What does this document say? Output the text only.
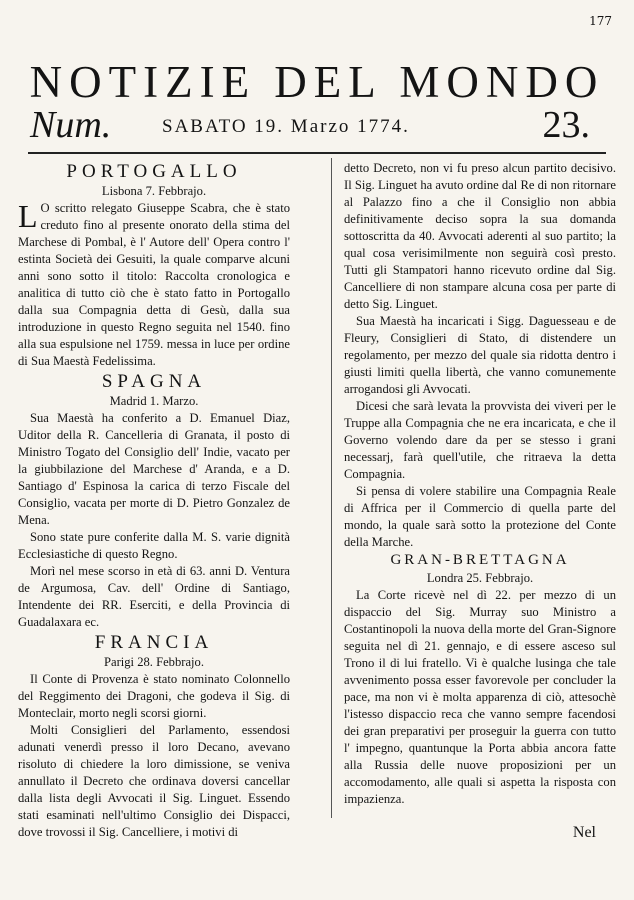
177
NOTIZIE DEL MONDO
Num.	SABATO 19. Marzo 1774.	23.
PORTOGALLO
Lisbona 7. Febbrajo.

L O scritto relegato Giuseppe Scabra, che è stato creduto fino al presente onorato della stima del Marchese di Pombal, è l' Autore dell' Opera contro l' estinta Società dei Gesuiti, la quale comparve alcuni anni sono sotto il titolo: Raccolta cronologica e analitica di tutto ciò che è stato fatto in Portogallo dalla sua Compagnia detta di Gesù, dalla sua introduzione in questo Regno seguita nel 1540. fino alla sua espulsione nel 1759. messa in luce per ordine di Sua Maestà Fedelissima.

SPAGNA
Madrid 1. Marzo.

Sua Maestà ha conferito a D. Emanuel Diaz, Uditor della R. Cancelleria di Granata, il posto di Ministro Togato del Consiglio dell' Indie, vacato per la giubbilazione del Marchese d' Aranda, e a D. Santiago d' Espinosa la carica di terzo Fiscale del Consiglio, vacata per morte di D. Pietro Gonzalez de Mena.

Sono state pure conferite dalla M. S. varie dignità Ecclesiastiche di questo Regno.

Morì nel mese scorso in età di 63. anni D. Ventura de Argumosa, Cav. dell' Ordine di Santiago, Intendente dei RR. Eserciti, e della Provincia di Guadalaxara ec.

FRANCIA
Parigi 28. Febbrajo.

Il Conte di Provenza è stato nominato Colonnello del Reggimento dei Dragoni, che godeva il Sig. di Monteclair, morto negli scorsi giorni.

Molti Consiglieri del Parlamento, essendosi adunati venerdì presso il loro Decano, avevano risoluto di chiedere la loro dimissione, se veniva annullato il Decreto che ordinava doversi cancellar dalla lista degli Avvocati il Sig. Linguet. Essendo stati esaminati nell'ultimo Consiglio dei Dispacci, dove trovossi il Sig. Cancelliere, i motivi di

detto Decreto, non vi fu preso alcun partito decisivo. Il Sig. Linguet ha avuto ordine dal Re di non ritornare al Palazzo fino a che il Consiglio non abbia definitivamente deciso sopra la sua domanda sottoscritta da 40. Avvocati aderenti al suo partito; la qual cosa verisimilmente non seguirà così presto. Tutti gli Stampatori hanno ricevuto ordine dal Sig. Cancelliere di non stampare alcuna cosa per parte di detto Sig. Linguet.

Sua Maestà ha incaricati i Sigg. Daguesseau e de Fleury, Consiglieri di Stato, di distendere un regolamento, per mezzo del quale sia ridotta dentro i giusti limiti quella libertà, che vanno comunemente arrogandosi gli Avvocati.

Dicesi che sarà levata la provvista dei viveri per le Truppe alla Compagnia che ne era incaricata, e che il Governo volendo dare da per se stesso i grani necessarj, farà quell'utile, che ritraeva la detta Compagnia.

Si pensa di volere stabilire una Compagnia Reale di Affrica per il Commercio di quella parte del mondo, la quale sarà sotto la protezione del Conte della Marche.

GRAN-BRETTAGNA
Londra 25. Febbrajo.

La Corte ricevè nel dì 22. per mezzo di un dispaccio del Sig. Murray suo Ministro a Costantinopoli la nuova della morte del Gran-Signore seguita nel dì 21. gennajo, e di essere asceso sul Trono il di lui fratello. Vi è qualche lusinga che tale avvenimento possa esser favorevole per concluder la pace, ma non vi è molta apparenza di ciò, attesochè l'istesso dispaccio reca che vanno sempre facendosi dei gran preparativi per proseguir la guerra con tutto l' impegno, quantunque la Porta abbia ancora fatte alla Russia delle nuove proposizioni per un accomodamento, alle quali si aspetta la risposta con impazienza.

Nel
